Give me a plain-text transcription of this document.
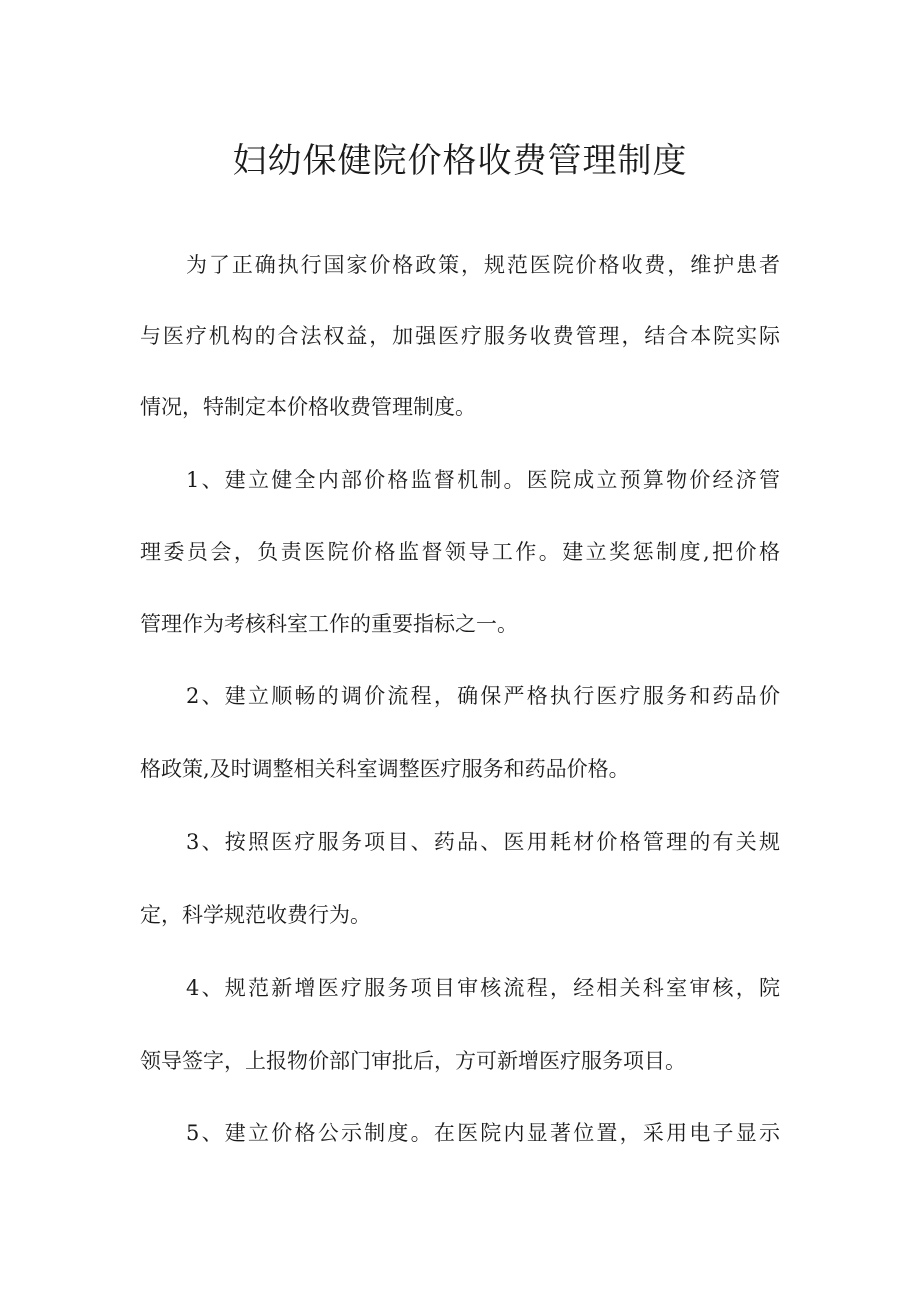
妇幼保健院价格收费管理制度
为了正确执行国家价格政策，规范医院价格收费，维护患者
与医疗机构的合法权益，加强医疗服务收费管理，结合本院实际
情况，特制定本价格收费管理制度。
1、建立健全内部价格监督机制。医院成立预算物价经济管
理委员会，负责医院价格监督领导工作。建立奖惩制度,把价格
管理作为考核科室工作的重要指标之一。
2、建立顺畅的调价流程，确保严格执行医疗服务和药品价
格政策,及时调整相关科室调整医疗服务和药品价格。
3、按照医疗服务项目、药品、医用耗材价格管理的有关规
定，科学规范收费行为。
4、规范新增医疗服务项目审核流程，经相关科室审核，院
领导签字，上报物价部门审批后，方可新增医疗服务项目。
5、建立价格公示制度。在医院内显著位置，采用电子显示
